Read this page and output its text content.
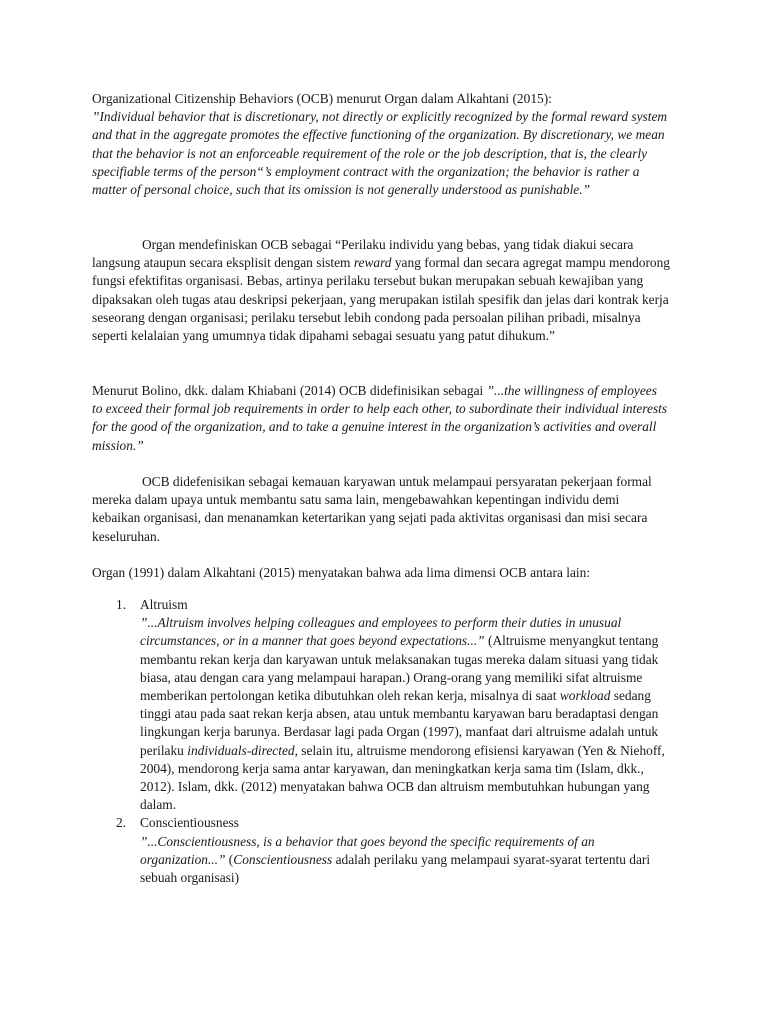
Organizational Citizenship Behaviors (OCB) menurut Organ dalam Alkahtani (2015):
”Individual behavior that is discretionary, not directly or explicitly recognized by the formal reward system and that in the aggregate promotes the effective functioning of the organization. By discretionary, we mean that the behavior is not an enforceable requirement of the role or the job description, that is, the clearly specifiable terms of the person“’s employment contract with the organization; the behavior is rather a matter of personal choice, such that its omission is not generally understood as punishable.”

Organ mendefiniskan OCB sebagai “Perilaku individu yang bebas, yang tidak diakui secara langsung ataupun secara eksplisit dengan sistem reward yang formal dan secara agregat mampu mendorong fungsi efektifitas organisasi. Bebas, artinya perilaku tersebut bukan merupakan sebuah kewajiban yang dipaksakan oleh tugas atau deskripsi pekerjaan, yang merupakan istilah spesifik dan jelas dari kontrak kerja seseorang dengan organisasi; perilaku tersebut lebih condong pada persoalan pilihan pribadi, misalnya seperti kelalaian yang umumnya tidak dipahami sebagai sesuatu yang patut dihukum.”

Menurut Bolino, dkk. dalam Khiabani (2014) OCB didefinisikan sebagai ”...the willingness of employees to exceed their formal job requirements in order to help each other, to subordinate their individual interests for the good of the organization, and to take a genuine interest in the organization’s activities and overall mission.”

OCB didefenisikan sebagai kemauan karyawan untuk melampaui persyaratan pekerjaan formal mereka dalam upaya untuk membantu satu sama lain, mengebawahkan kepentingan individu demi kebaikan organisasi, dan menanamkan ketertarikan yang sejati pada aktivitas organisasi dan misi secara keseluruhan.

Organ (1991) dalam Alkahtani (2015) menyatakan bahwa ada lima dimensi OCB antara lain:

1. Altruism
”...Altruism involves helping colleagues and employees to perform their duties in unusual circumstances, or in a manner that goes beyond expectations...” (Altruisme menyangkut tentang membantu rekan kerja dan karyawan untuk melaksanakan tugas mereka dalam situasi yang tidak biasa, atau dengan cara yang melampaui harapan.) Orang-orang yang memiliki sifat altruisme memberikan pertolongan ketika dibutuhkan oleh rekan kerja, misalnya di saat workload sedang tinggi atau pada saat rekan kerja absen, atau untuk membantu karyawan baru beradaptasi dengan lingkungan kerja barunya. Berdasar lagi pada Organ (1997), manfaat dari altruisme adalah untuk perilaku individuals-directed, selain itu, altruisme mendorong efisiensi karyawan (Yen & Niehoff, 2004), mendorong kerja sama antar karyawan, dan meningkatkan kerja sama tim (Islam, dkk., 2012). Islam, dkk. (2012) menyatakan bahwa OCB dan altruism membutuhkan hubungan yang dalam.
2. Conscientiousness
”...Conscientiousness, is a behavior that goes beyond the specific requirements of an organization...” (Conscientiousness adalah perilaku yang melampaui syarat-syarat tertentu dari sebuah organisasi)
